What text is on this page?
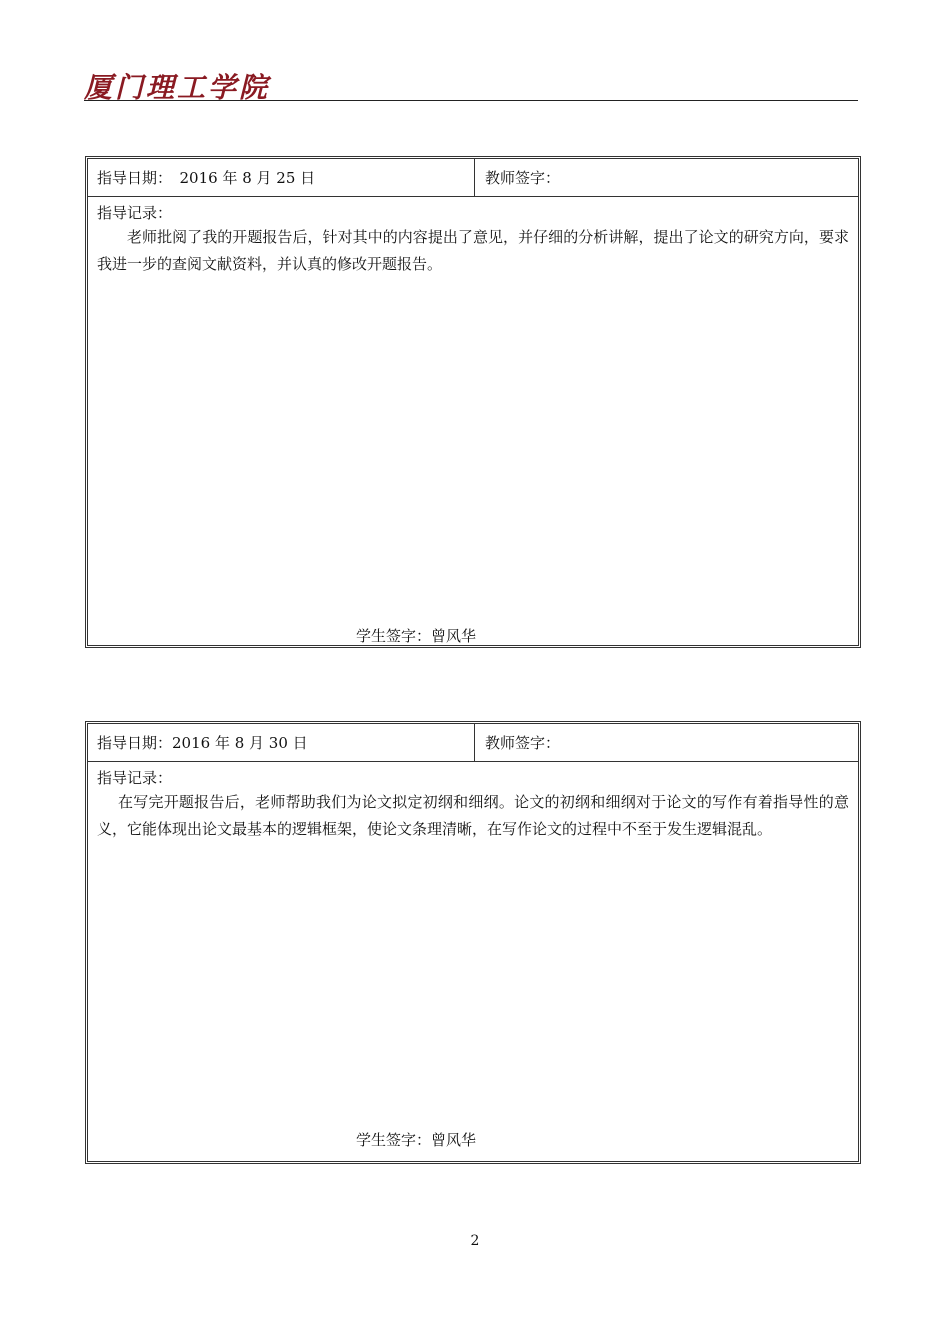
厦门理工学院
指导日期：　2016 年 8 月 25 日	教师签字：
指导记录：

老师批阅了我的开题报告后，针对其中的内容提出了意见，并仔细的分析讲解，提出了论文的研究方向，要求我进一步的查阅文献资料，并认真的修改开题报告。

学生签字：曾风华
指导日期：2016 年 8 月 30 日	教师签字：
指导记录：

在写完开题报告后，老师帮助我们为论文拟定初纲和细纲。论文的初纲和细纲对于论文的写作有着指导性的意义，它能体现出论文最基本的逻辑框架，使论文条理清晰，在写作论文的过程中不至于发生逻辑混乱。

学生签字：曾风华
2
